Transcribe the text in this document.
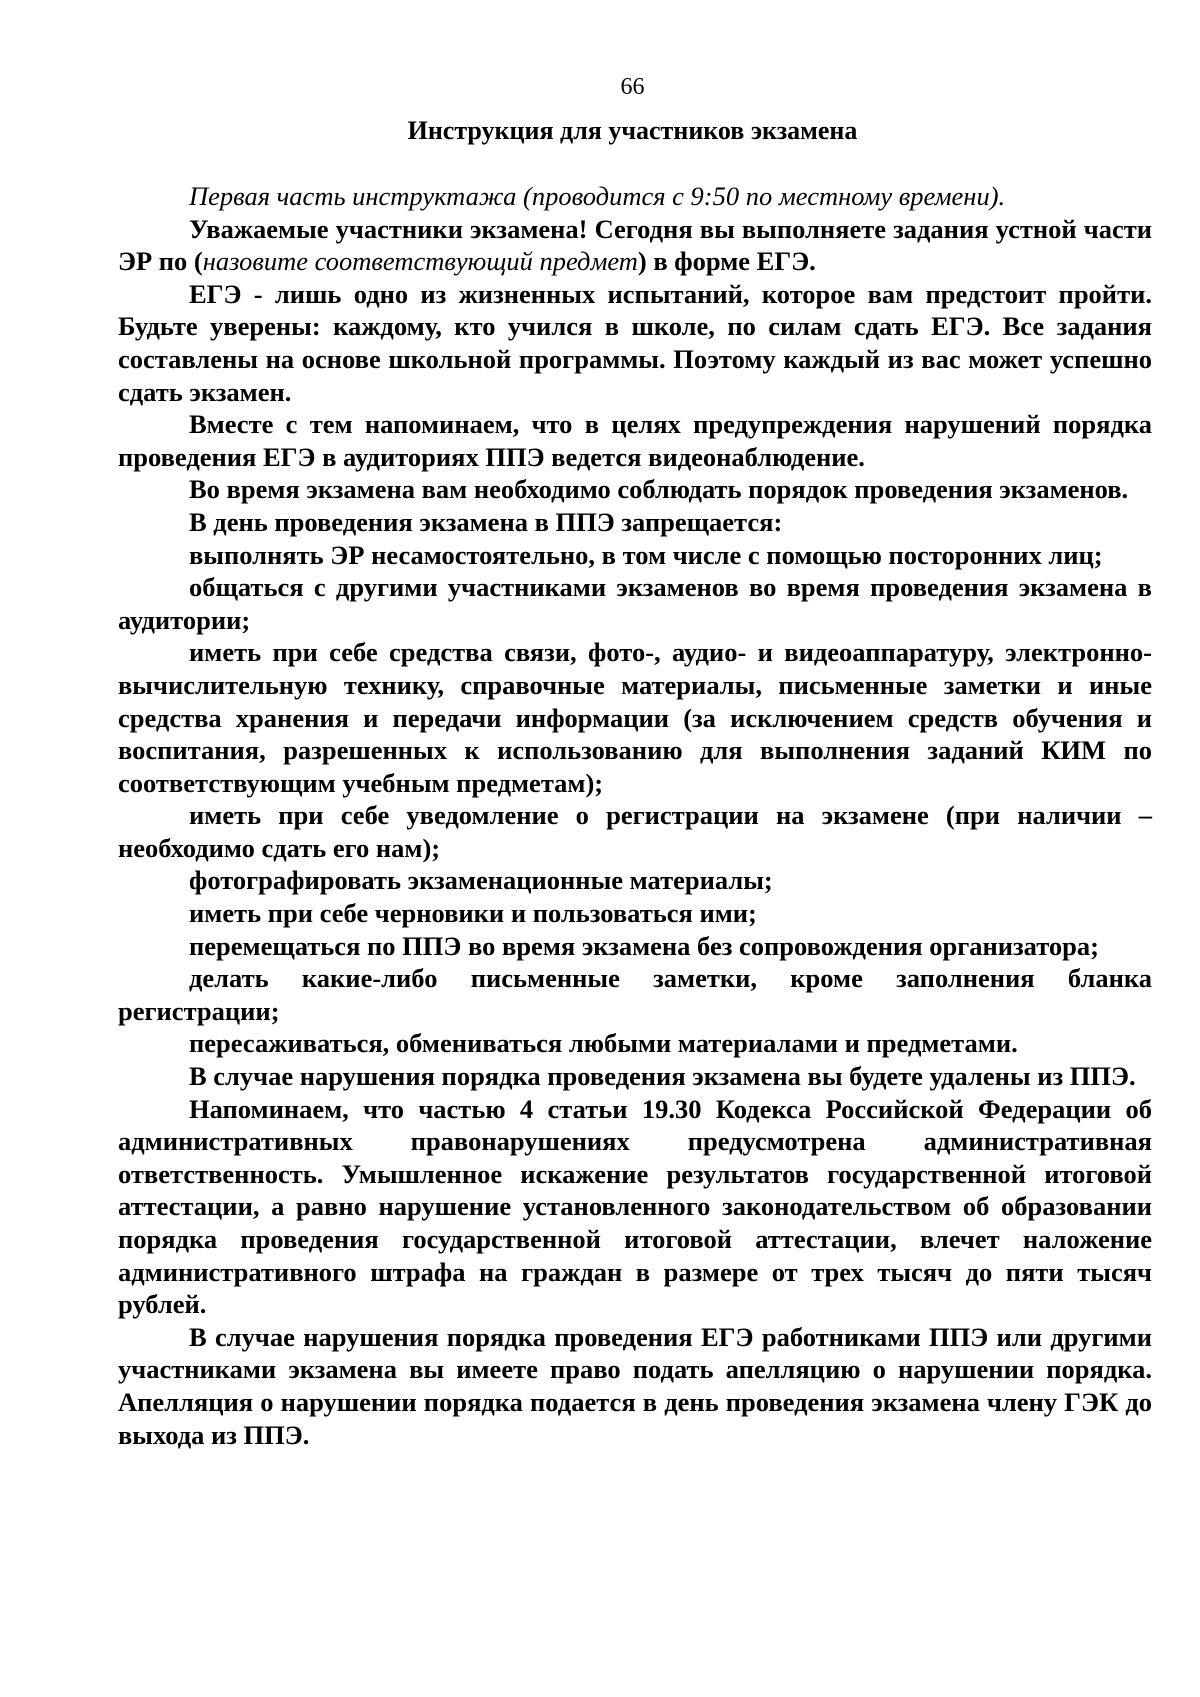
66
Инструкция для участников экзамена

Первая часть инструктажа (проводится с 9:50 по местному времени).

Уважаемые участники экзамена! Сегодня вы выполняете задания устной части ЭР по (назовите соответствующий предмет) в форме ЕГЭ.

ЕГЭ - лишь одно из жизненных испытаний, которое вам предстоит пройти. Будьте уверены: каждому, кто учился в школе, по силам сдать ЕГЭ. Все задания составлены на основе школьной программы. Поэтому каждый из вас может успешно сдать экзамен.

Вместе с тем напоминаем, что в целях предупреждения нарушений порядка проведения ЕГЭ в аудиториях ППЭ ведется видеонаблюдение.

Во время экзамена вам необходимо соблюдать порядок проведения экзаменов.

В день проведения экзамена в ППЭ запрещается:

выполнять ЭР несамостоятельно, в том числе с помощью посторонних лиц;

общаться с другими участниками экзаменов во время проведения экзамена в аудитории;

иметь при себе средства связи, фото-, аудио- и видеоаппаратуру, электронно-вычислительную технику, справочные материалы, письменные заметки и иные средства хранения и передачи информации (за исключением средств обучения и воспитания, разрешенных к использованию для выполнения заданий КИМ по соответствующим учебным предметам);

иметь при себе уведомление о регистрации на экзамене (при наличии – необходимо сдать его нам);

фотографировать экзаменационные материалы;

иметь при себе черновики и пользоваться ими;

перемещаться по ППЭ во время экзамена без сопровождения организатора;

делать какие-либо письменные заметки, кроме заполнения бланка регистрации;

пересаживаться, обмениваться любыми материалами и предметами.

В случае нарушения порядка проведения экзамена вы будете удалены из ППЭ.

Напоминаем, что частью 4 статьи 19.30 Кодекса Российской Федерации об административных правонарушениях предусмотрена административная ответственность. Умышленное искажение результатов государственной итоговой аттестации, а равно нарушение установленного законодательством об образовании порядка проведения государственной итоговой аттестации, влечет наложение административного штрафа на граждан в размере от трех тысяч до пяти тысяч рублей.

В случае нарушения порядка проведения ЕГЭ работниками ППЭ или другими участниками экзамена вы имеете право подать апелляцию о нарушении порядка. Апелляция о нарушении порядка подается в день проведения экзамена члену ГЭК до выхода из ППЭ.
